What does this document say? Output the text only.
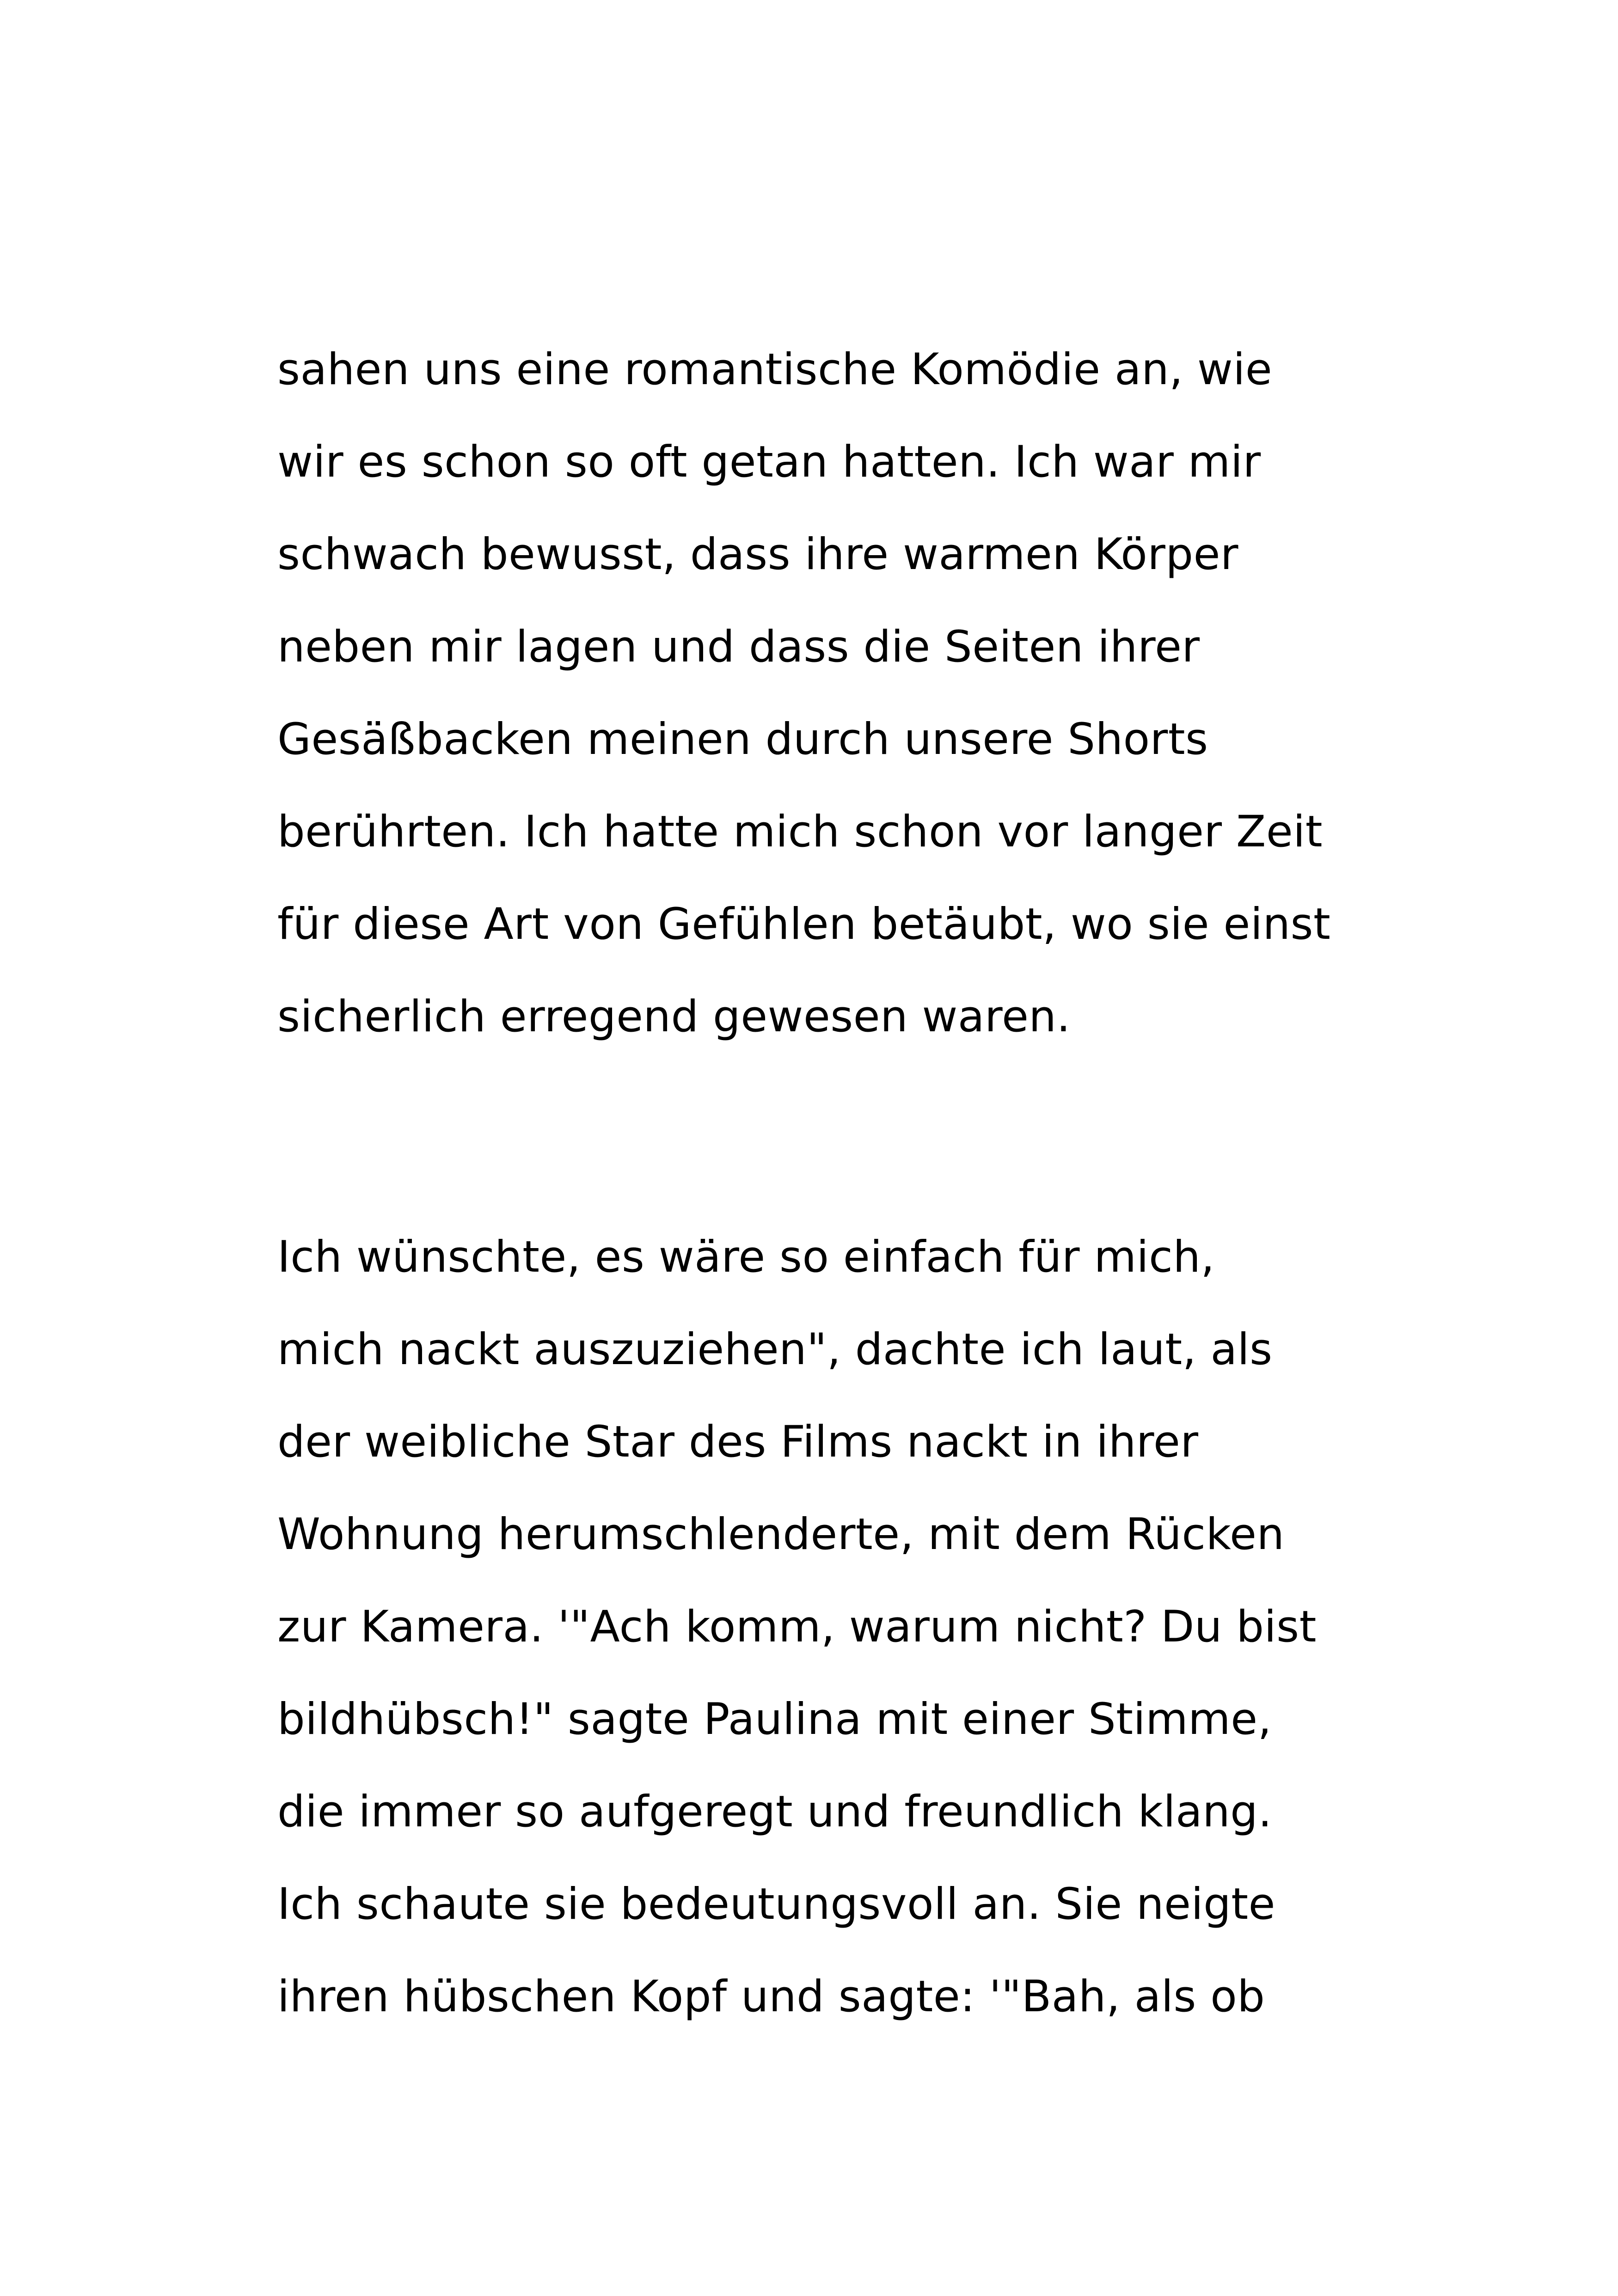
sahen uns eine romantische Komödie an, wie
wir es schon so oft getan hatten. Ich war mir
schwach bewusst, dass ihre warmen Körper
neben mir lagen und dass die Seiten ihrer
Gesäßbacken meinen durch unsere Shorts
berührten. Ich hatte mich schon vor langer Zeit
für diese Art von Gefühlen betäubt, wo sie einst
sicherlich erregend gewesen waren.
Ich wünschte, es wäre so einfach für mich,
mich nackt auszuziehen", dachte ich laut, als
der weibliche Star des Films nackt in ihrer
Wohnung herumschlenderte, mit dem Rücken
zur Kamera. '"Ach komm, warum nicht? Du bist
bildhübsch!" sagte Paulina mit einer Stimme,
die immer so aufgeregt und freundlich klang.
Ich schaute sie bedeutungsvoll an. Sie neigte
ihren hübschen Kopf und sagte: '"Bah, als ob
